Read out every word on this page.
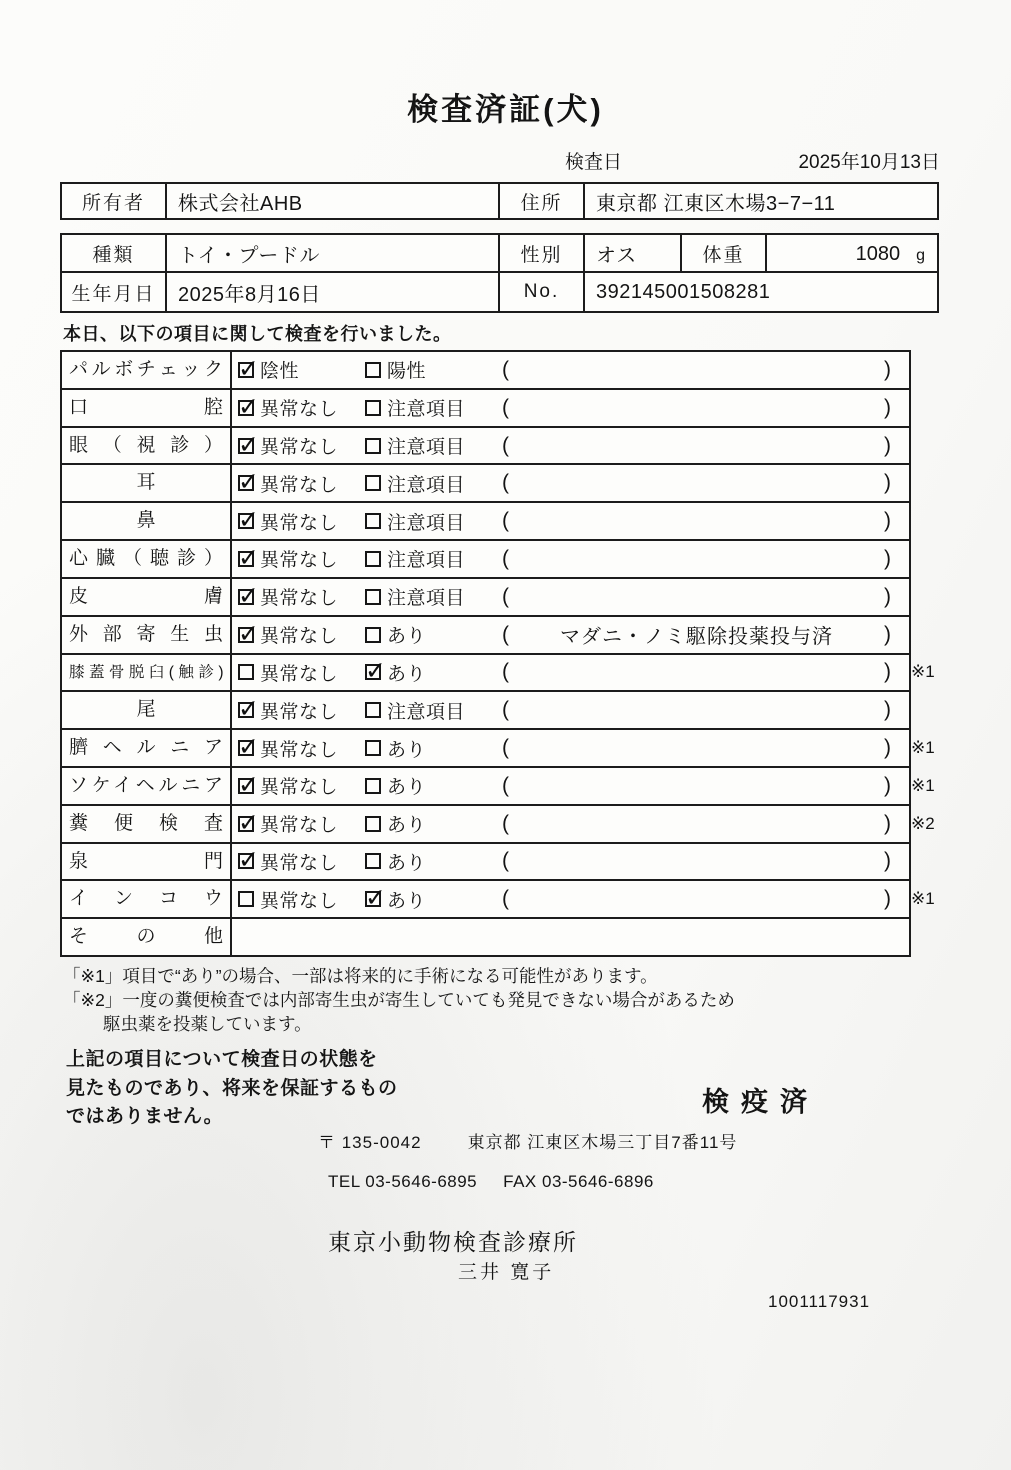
検査済証(犬)
検査日	2025年10月13日
所有者	株式会社AHB	住所	東京都 江東区木場3−7−11
種類	トイ・プードル	性別	オス	体重	1080 g
生年月日	2025年8月16日	No.	392145001508281
本日、以下の項目に関して検査を行いました。
パルボチェック ✓	陰性	陽性	(	)
口腔 ✓	異常なし	注意項目 (	)
眼（視診） ✓	異常なし	注意項目 (	)
耳 ✓	異常なし	注意項目 (	)
鼻 ✓	異常なし	注意項目 (	)
心臓（聴診） ✓	異常なし	注意項目 (	)
皮膚 ✓	異常なし	注意項目 (	)
外部寄生虫 ✓	異常なし	あり	(	マダニ・ノミ駆除投薬投与済	)
膝蓋骨脱臼(触診)	異常なし ✓	あり	(	) ※1
尾 ✓	異常なし	注意項目 (	)
臍ヘルニア ✓	異常なし	あり	(	) ※1
ソケイヘルニア ✓	異常なし	あり	(	) ※1
糞便検査 ✓	異常なし	あり	(	) ※2
泉門 ✓	異常なし	あり	(	)
インコウ	異常なし ✓	あり	(	) ※1
その他
「※1」項目で“あり”の場合、一部は将来的に手術になる可能性があります。
「※2」一度の糞便検査では内部寄生虫が寄生していても発見できない場合があるため
駆虫薬を投薬しています。
上記の項目について検査日の状態を
見たものであり、将来を保証するもの
ではありません。	検疫済
〒 135-0042	東京都 江東区木場三丁目7番11号
TEL 03-5646-6895 FAX 03-5646-6896
東京小動物検査診療所
三井 寛子
1001117931
